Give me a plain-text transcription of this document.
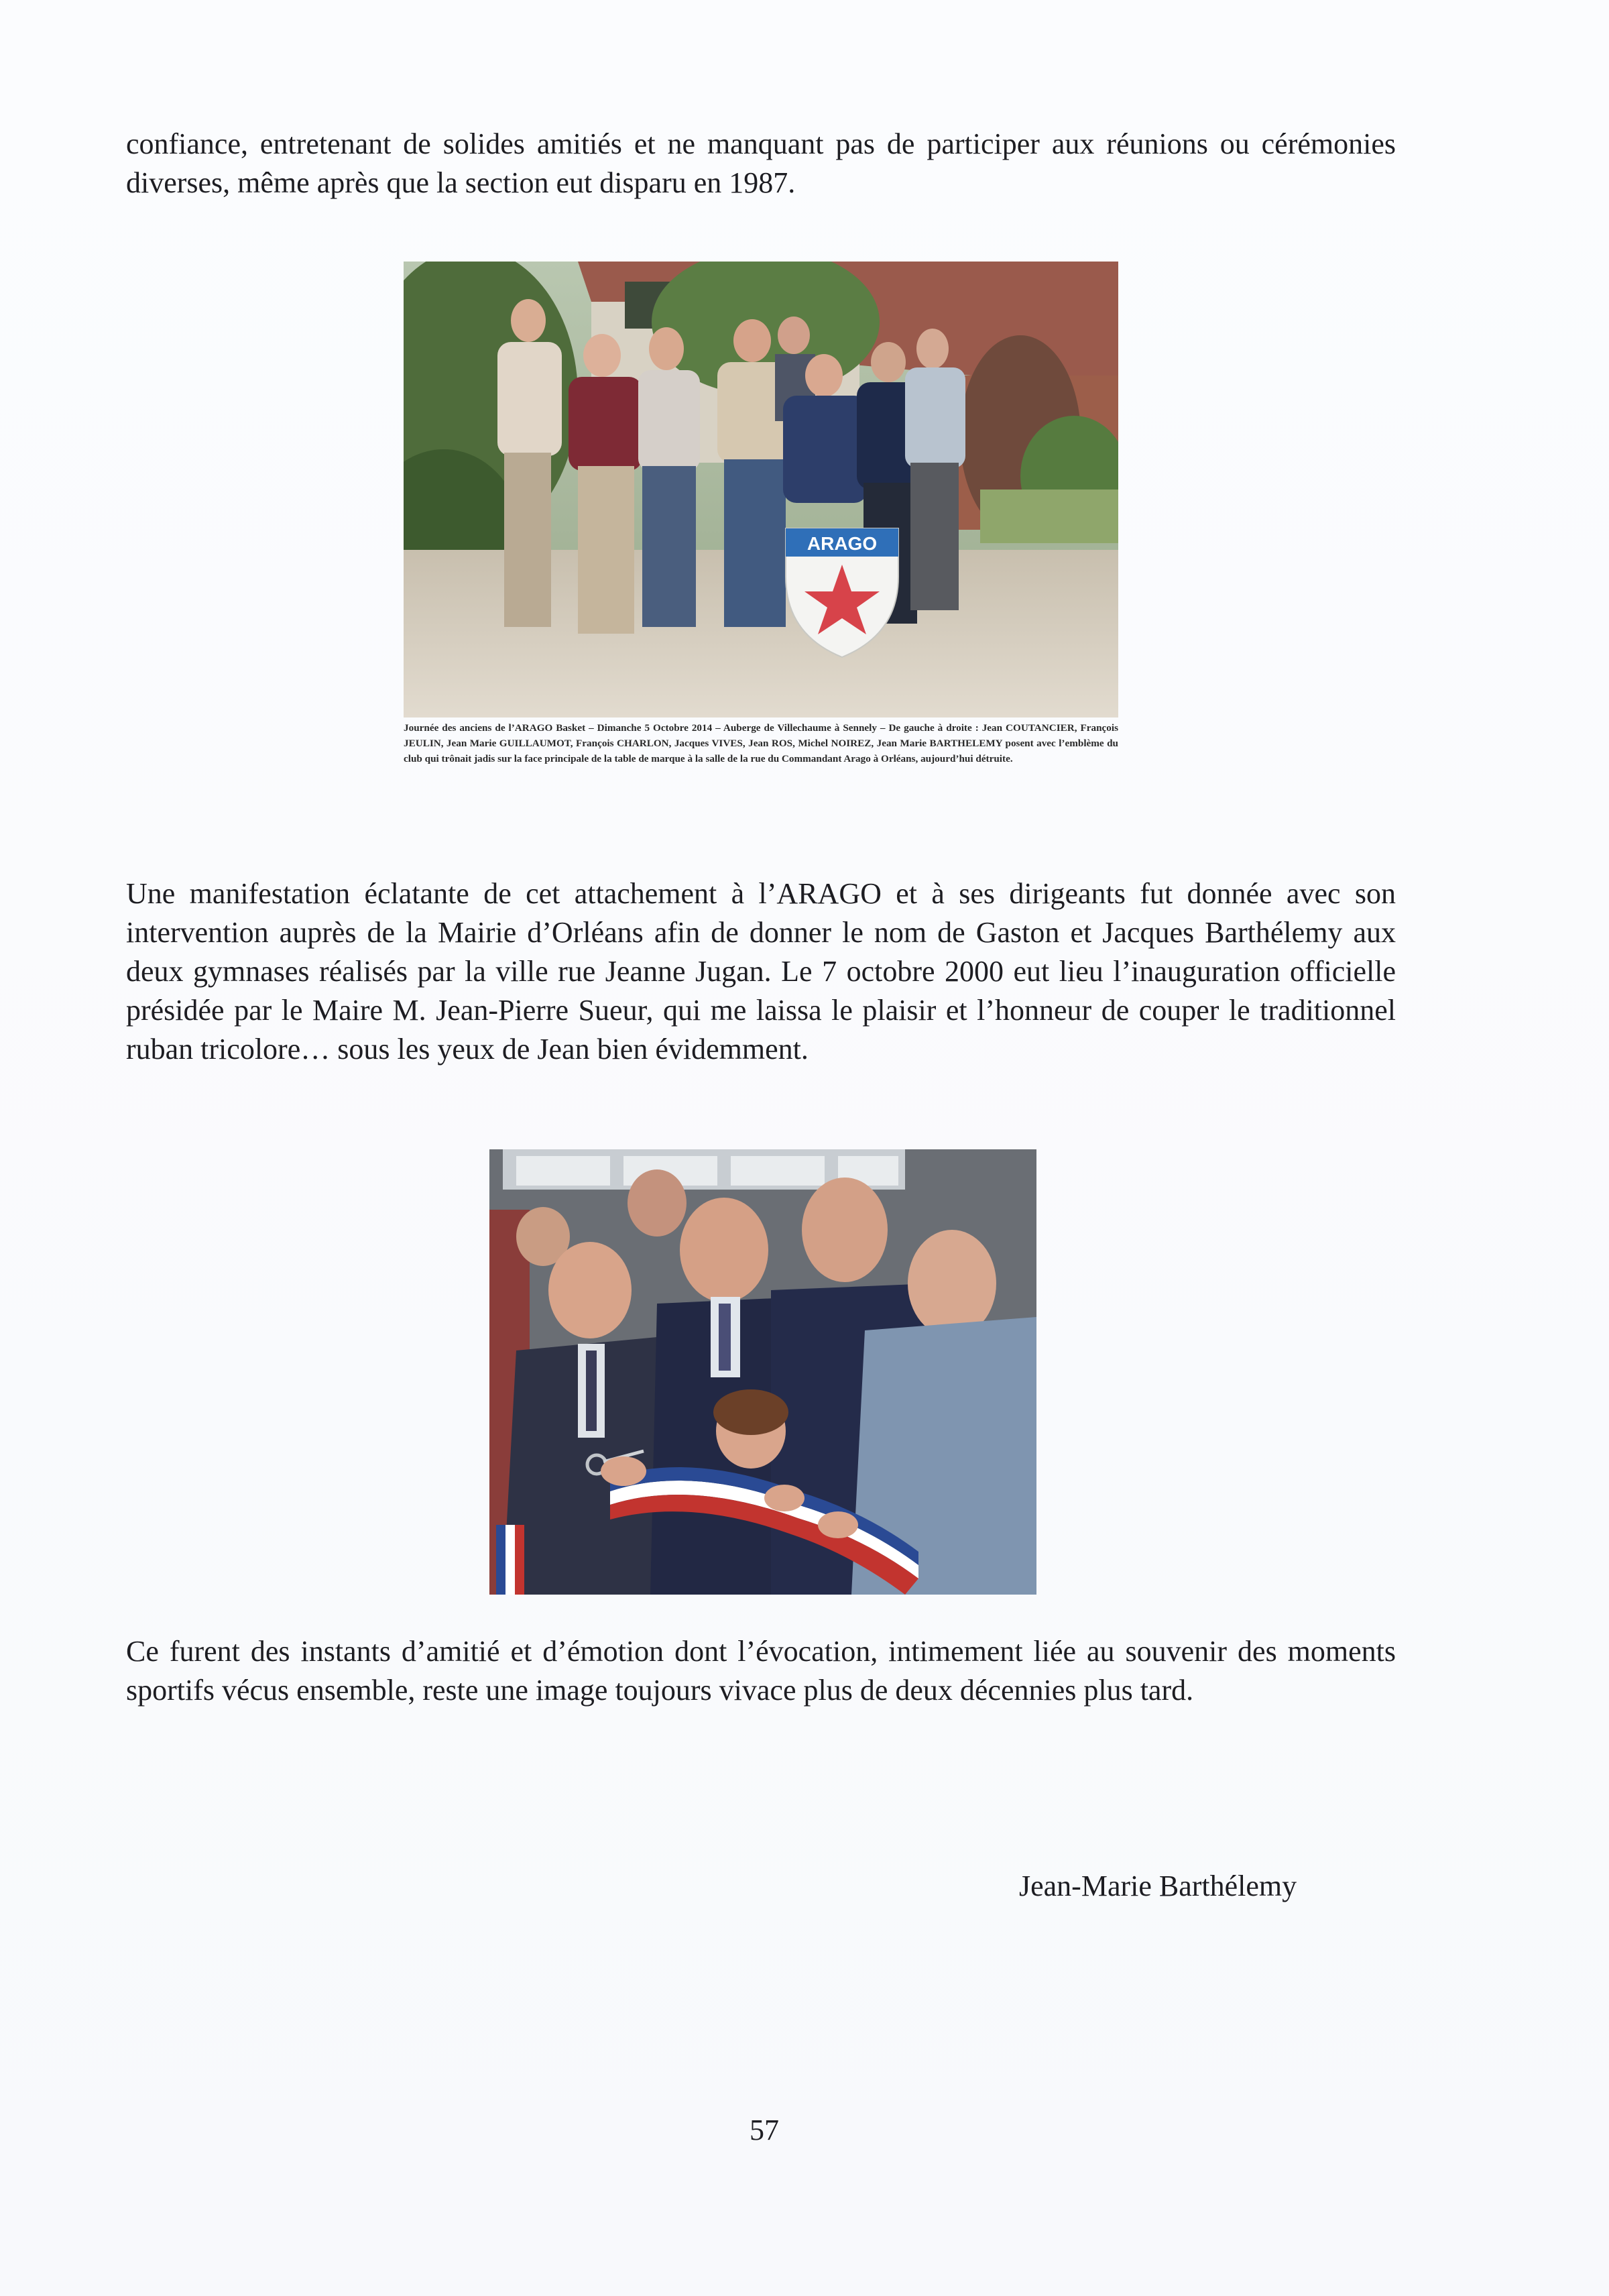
confiance, entretenant de solides amitiés et ne manquant pas de participer aux réunions ou cérémonies diverses, même après que la section eut disparu en 1987.

ARAGO

Journée des anciens de l’ARAGO Basket – Dimanche 5 Octobre 2014 – Auberge de Villechaume à Sennely – De gauche à droite : Jean COUTANCIER, François JEULIN, Jean Marie GUILLAUMOT, François CHARLON, Jacques VIVES, Jean ROS, Michel NOIREZ, Jean Marie BARTHELEMY posent avec l’emblème du club qui trônait jadis sur la face principale de la table de marque à la salle de la rue du Commandant Arago à Orléans, aujourd’hui détruite.

Une manifestation éclatante de cet attachement à l’ARAGO et à ses dirigeants fut donnée avec son intervention auprès de la Mairie d’Orléans afin de donner le nom de Gaston et Jacques Barthélemy aux deux gymnases réalisés par la ville rue Jeanne Jugan. Le 7 octobre 2000 eut lieu l’inauguration officielle présidée par le Maire M. Jean-Pierre Sueur, qui me laissa le plaisir et l’honneur de couper le traditionnel ruban tricolore… sous les yeux de Jean bien évidemment.

Ce furent des instants d’amitié et d’émotion dont l’évocation, intimement liée au souvenir des moments sportifs vécus ensemble, reste une image toujours vivace plus de deux décennies plus tard.

Jean-Marie Barthélemy

57
